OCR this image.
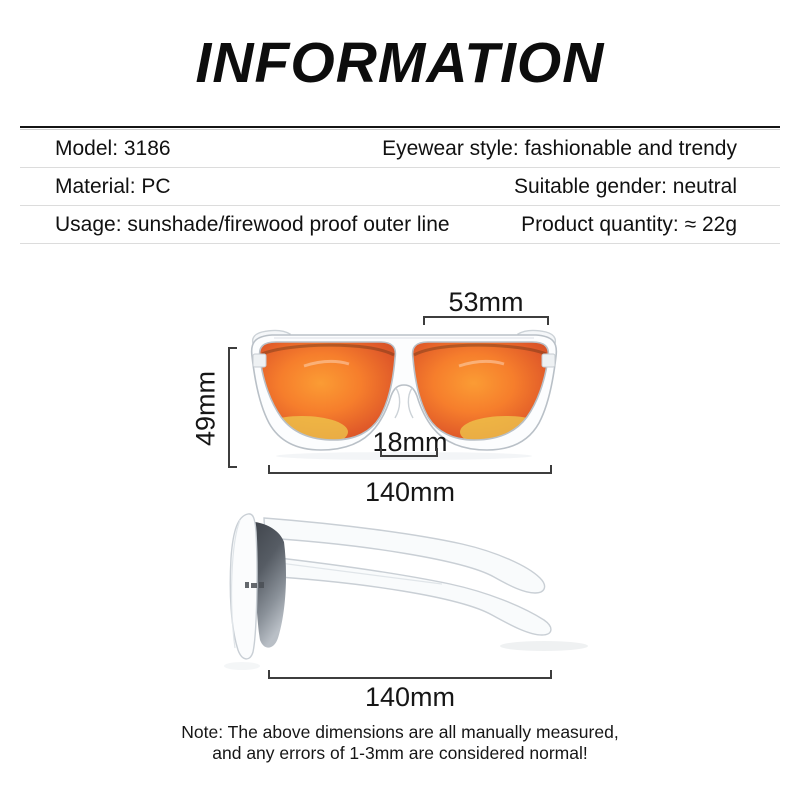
INFORMATION
Model: 3186	Eyewear style: fashionable and trendy
Material: PC	Suitable gender: neutral
Usage: sunshade/firewood proof outer line	Product quantity: ≈ 22g
53mm
49mm	18mm
140mm
140mm
Note: The above dimensions are all manually measured,
and any errors of 1-3mm are considered normal!
